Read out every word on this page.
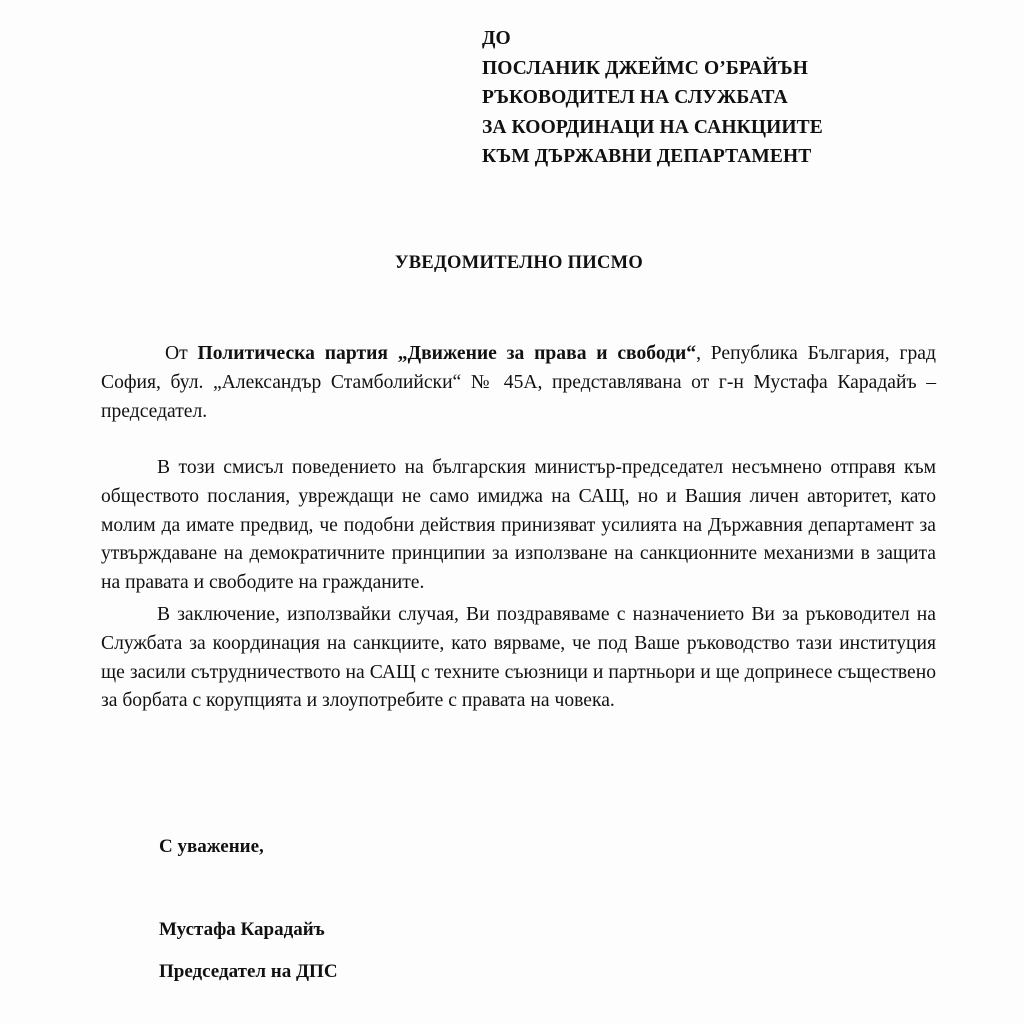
ДО
ПОСЛАНИК ДЖЕЙМС О’БРАЙЪН
РЪКОВОДИТЕЛ НА СЛУЖБАТА
ЗА КООРДИНАЦИ НА САНКЦИИТЕ
КЪМ ДЪРЖАВНИ ДЕПАРТАМЕНТ
УВЕДОМИТЕЛНО ПИСМО
От Политическа партия „Движение за права и свободи“, Република България, град София, бул. „Александър Стамболийски“ № 45А, представлявана от г-н Мустафа Карадайъ – председател.
В този смисъл поведението на българския министър-председател несъмнено отправя към обществото послания, увреждащи не само имиджа на САЩ, но и Вашия личен авторитет, като молим да имате предвид, че подобни действия принизяват усилията на Държавния департамент за утвърждаване на демократичните принципии за използване на санкционните механизми в защита на правата и свободите на гражданите.
В заключение, използвайки случая, Ви поздравяваме с назначението Ви за ръководител на Службата за координация на санкциите, като вярваме, че под Ваше ръководство тази институция ще засили сътрудничеството на САЩ с техните съюзници и партньори и ще допринесе съществено за борбата с корупцията и злоупотребите с правата на човека.
С уважение,
Мустафа Карадайъ
Председател на ДПС
